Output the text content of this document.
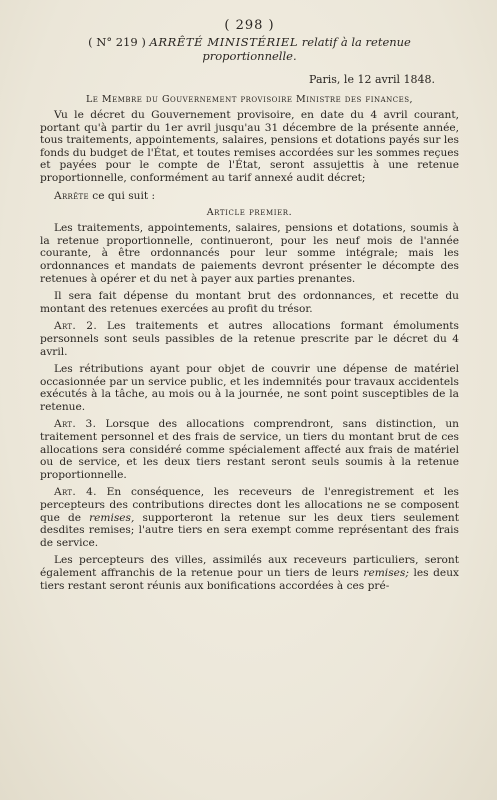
( 298 )
( N° 219 ) ARRÊTÉ MINISTÉRIEL relatif à la retenue
proportionnelle.
Paris, le 12 avril 1848.
Le Membre du Gouvernement provisoire Ministre des finances,

Vu le décret du Gouvernement provisoire, en date du 4 avril courant, portant qu'à partir du 1er avril jusqu'au 31 décembre de la présente année, tous traitements, appointements, salaires, pensions et dotations payés sur les fonds du budget de l'État, et toutes remises accordées sur les sommes reçues et payées pour le compte de l'État, seront assujettis à une retenue proportionnelle, conformément au tarif annexé audit décret;

Arrête ce qui suit :

Article premier.

Les traitements, appointements, salaires, pensions et dotations, soumis à la retenue proportionnelle, continueront, pour les neuf mois de l'année courante, à être ordonnancés pour leur somme intégrale; mais les ordonnances et mandats de paiements devront présenter le décompte des retenues à opérer et du net à payer aux parties prenantes.

Il sera fait dépense du montant brut des ordonnances, et recette du montant des retenues exercées au profit du trésor.

Art. 2. Les traitements et autres allocations formant émoluments personnels sont seuls passibles de la retenue prescrite par le décret du 4 avril.

Les rétributions ayant pour objet de couvrir une dépense de matériel occasionnée par un service public, et les indemnités pour travaux accidentels exécutés à la tâche, au mois ou à la journée, ne sont point susceptibles de la retenue.

Art. 3. Lorsque des allocations comprendront, sans distinction, un traitement personnel et des frais de service, un tiers du montant brut de ces allocations sera considéré comme spécialement affecté aux frais de matériel ou de service, et les deux tiers restant seront seuls soumis à la retenue proportionnelle.

Art. 4. En conséquence, les receveurs de l'enregistrement et les percepteurs des contributions directes dont les allocations ne se composent que de remises, supporteront la retenue sur les deux tiers seulement desdites remises; l'autre tiers en sera exempt comme représentant des frais de service.

Les percepteurs des villes, assimilés aux receveurs particuliers, seront également affranchis de la retenue pour un tiers de leurs remises; les deux tiers restant seront réunis aux bonifications accordées à ces pré-
